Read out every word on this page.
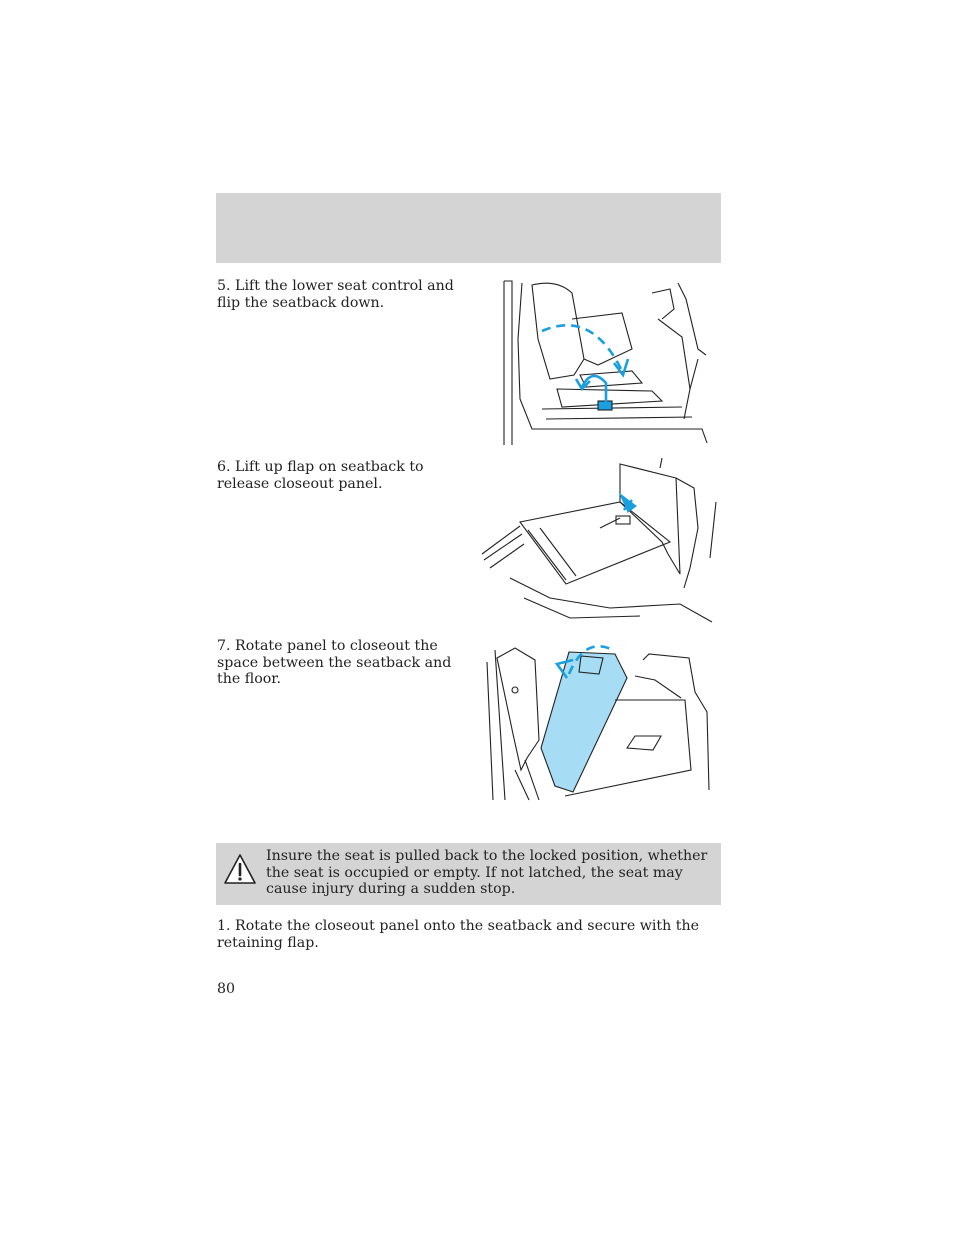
5. Lift the lower seat control and flip the seatback down.

6. Lift up flap on seatback to release closeout panel.

7. Rotate panel to closeout the space between the seatback and the floor.

Insure the seat is pulled back to the locked position, whether the seat is occupied or empty. If not latched, the seat may cause injury during a sudden stop.

1. Rotate the closeout panel onto the seatback and secure with the retaining flap.

80
